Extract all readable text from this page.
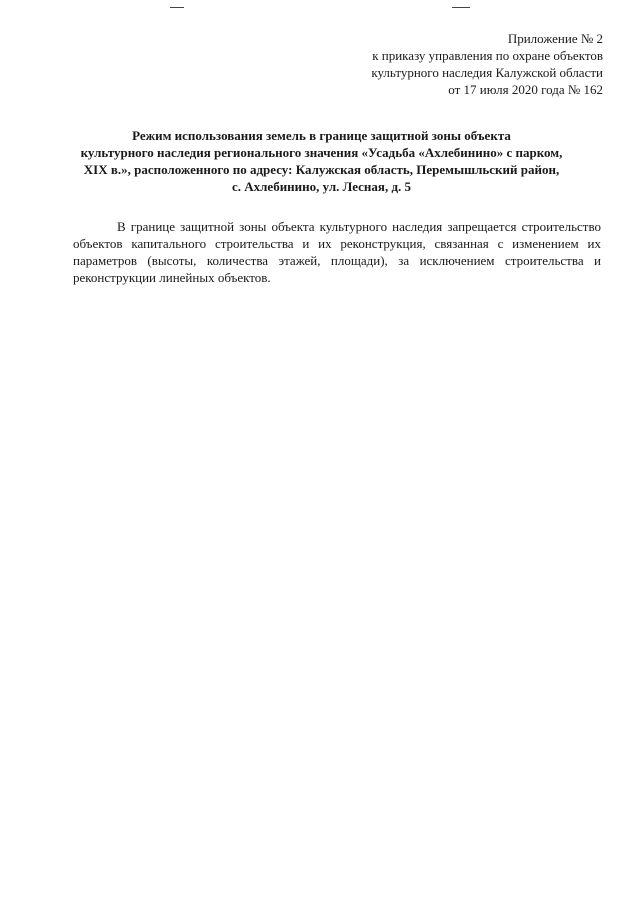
Приложение № 2
к приказу управления по охране объектов
культурного наследия Калужской области
от 17 июля 2020 года № 162
Режим использования земель в границе защитной зоны объекта
культурного наследия регионального значения «Усадьба «Ахлебинино» с парком,
XIX в.», расположенного по адресу: Калужская область, Перемышльский район,
с. Ахлебинино, ул. Лесная, д. 5

В границе защитной зоны объекта культурного наследия запрещается строительство объектов капитального строительства и их реконструкция, связанная с изменением их параметров (высоты, количества этажей, площади), за исключением строительства и реконструкции линейных объектов.
